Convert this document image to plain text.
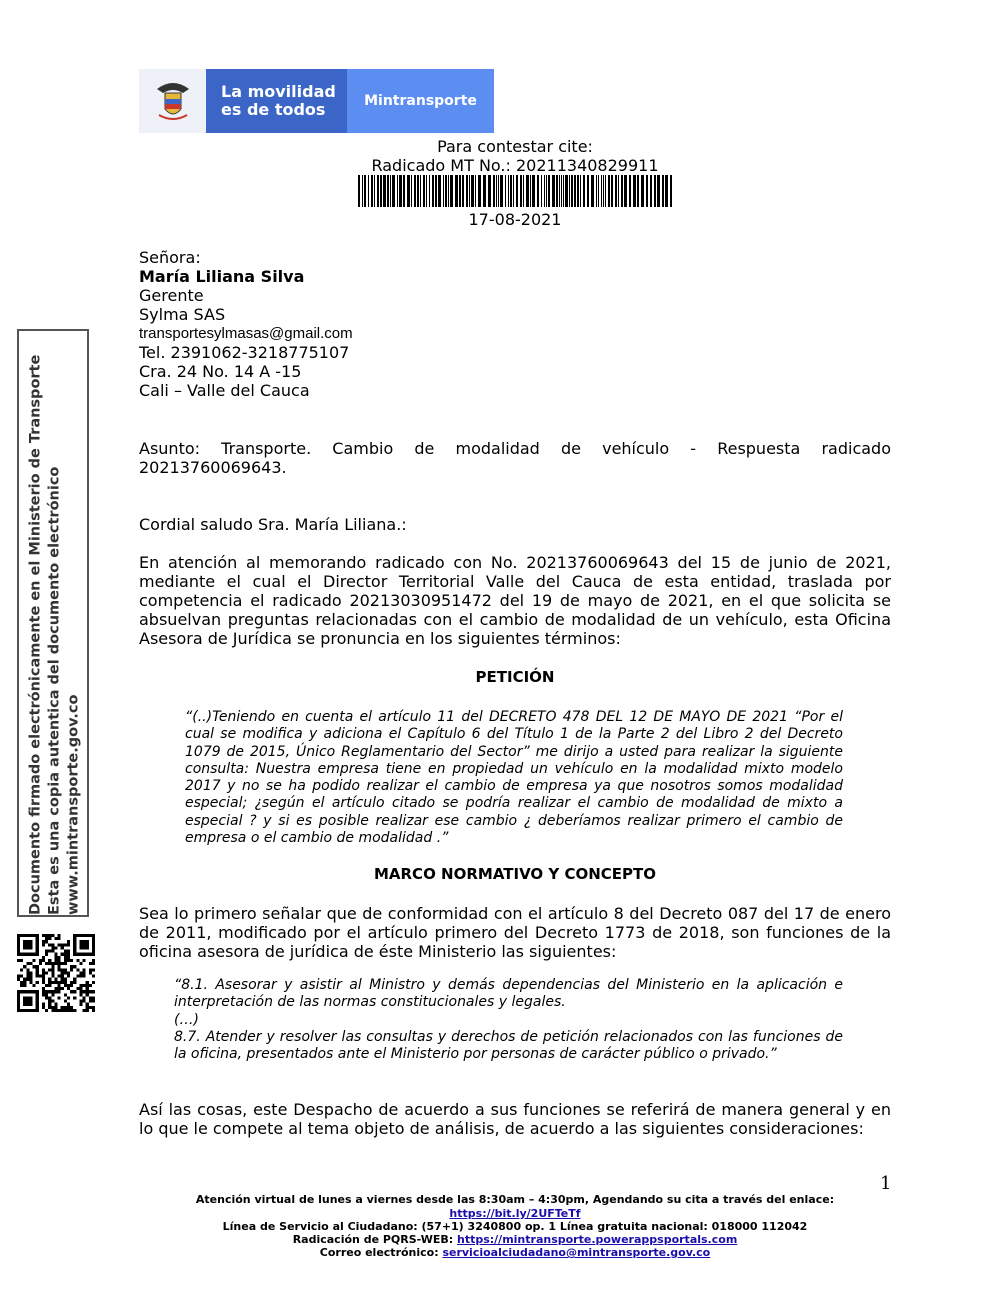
La movilidad
es de todos	Mintransporte
Para contestar cite:
Radicado MT No.: 20211340829911
17-08-2021
Señora:
María Liliana Silva
Gerente
Sylma SAS
transportesylmasas@gmail.com
Tel. 2391062-3218775107
Cra. 24 No. 14 A -15
Cali – Valle del Cauca
Asunto: Transporte. Cambio de modalidad de vehículo - Respuesta radicado 20213760069643.
Cordial saludo Sra. María Liliana.:
En atención al memorando radicado con No. 20213760069643 del 15 de junio de 2021, mediante el cual el Director Territorial Valle del Cauca de esta entidad, traslada por competencia el radicado 20213030951472 del 19 de mayo de 2021, en el que solicita se absuelvan preguntas relacionadas con el cambio de modalidad de un vehículo, esta Oficina Asesora de Jurídica se pronuncia en los siguientes términos:
PETICIÓN
“(..)Teniendo en cuenta el artículo 11 del DECRETO 478 DEL 12 DE MAYO DE 2021 “Por el cual se modifica y adiciona el Capítulo 6 del Título 1 de la Parte 2 del Libro 2 del Decreto 1079 de 2015, Único Reglamentario del Sector” me dirijo a usted para realizar la siguiente consulta: Nuestra empresa tiene en propiedad un vehículo en la modalidad mixto modelo 2017 y no se ha podido realizar el cambio de empresa ya que nosotros somos modalidad especial; ¿según el artículo citado se podría realizar el cambio de modalidad de mixto a especial ? y si es posible realizar ese cambio ¿ deberíamos realizar primero el cambio de empresa o el cambio de modalidad .”
MARCO NORMATIVO Y CONCEPTO
Sea lo primero señalar que de conformidad con el artículo 8 del Decreto 087 del 17 de enero de 2011, modificado por el artículo primero del Decreto 1773 de 2018, son funciones de la oficina asesora de jurídica de éste Ministerio las siguientes:
“8.1. Asesorar y asistir al Ministro y demás dependencias del Ministerio en la aplicación e interpretación de las normas constitucionales y legales.
(…)
8.7. Atender y resolver las consultas y derechos de petición relacionados con las funciones de la oficina, presentados ante el Ministerio por personas de carácter público o privado.”
Así las cosas, este Despacho de acuerdo a sus funciones se referirá de manera general y en lo que le compete al tema objeto de análisis, de acuerdo a las siguientes consideraciones:
1
Documento firmado electrónicamente en el Ministerio de Transporte Esta es una copia autentica del documento electrónico www.mintransporte.gov.co
Atención virtual de lunes a viernes desde las 8:30am – 4:30pm, Agendando su cita a través del enlace:
https://bit.ly/2UFTeTf
Línea de Servicio al Ciudadano: (57+1) 3240800 op. 1 Línea gratuita nacional: 018000 112042
Radicación de PQRS-WEB: https://mintransporte.powerappsportals.com
Correo electrónico: servicioalciudadano@mintransporte.gov.co
